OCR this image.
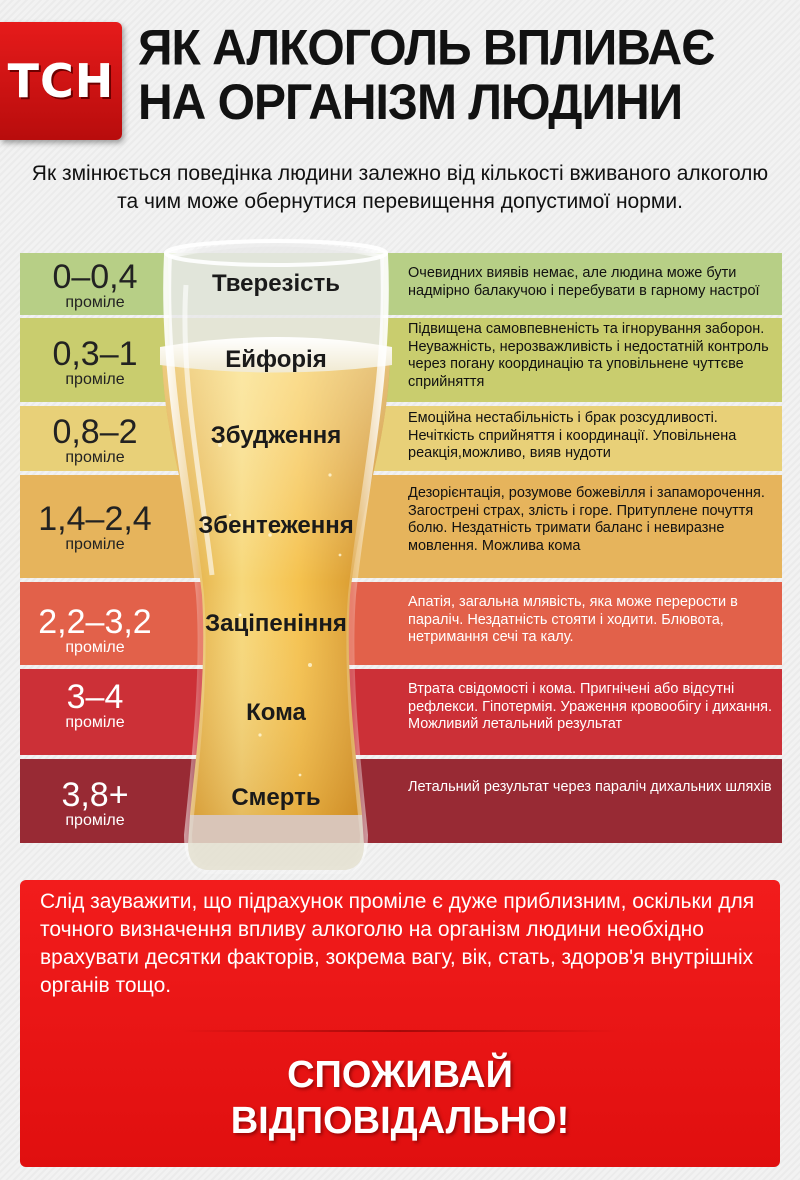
ТСН
ЯК АЛКОГОЛЬ ВПЛИВАЄ НА ОРГАНІЗМ ЛЮДИНИ
Як змінюється поведінка людини залежно від кількості вживаного алкоголю та чим може обернутися перевищення допустимої норми.
0–0,4
проміле
Очевидних виявів немає, але людина може бути надмірно балакучою і перебувати в гарному настрої
0,3–1
проміле
Підвищена самовпевненість та ігнорування заборон. Неуважність, нерозважливість і недостатній контроль через погану координацію та уповільнене чуттєве сприйняття
0,8–2
проміле
Емоційна нестабільність і брак розсудливості. Нечіткість сприйняття і координації. Уповільнена реакція,можливо, вияв нудоти
1,4–2,4
проміле
Дезорієнтація, розумове божевілля і запаморочення. Загострені страх, злість і горе. Притуплене почуття болю. Нездатність тримати баланс і невиразне мовлення. Можлива кома
2,2–3,2
проміле
Апатія, загальна млявість, яка може перерости в параліч. Нездатність стояти і ходити. Блювота, нетримання сечі та калу.
3–4
проміле
Втрата свідомості і кома. Пригнічені або відсутні рефлекси. Гіпотермія. Ураження кровообігу і дихання. Можливий летальний результат
3,8+
проміле
Летальний результат через параліч дихальних шляхів
Тверезість
Ейфорія
Збудження
Збентеження
Заціпеніння
Кома
Смерть
Слід зауважити, що підрахунок проміле є дуже приблизним, оскільки для точного визначення впливу алкоголю на організм людини необхідно врахувати десятки факторів, зокрема вагу, вік, стать, здоров'я внутрішніх органів тощо.
СПОЖИВАЙ
ВІДПОВІДАЛЬНО!
